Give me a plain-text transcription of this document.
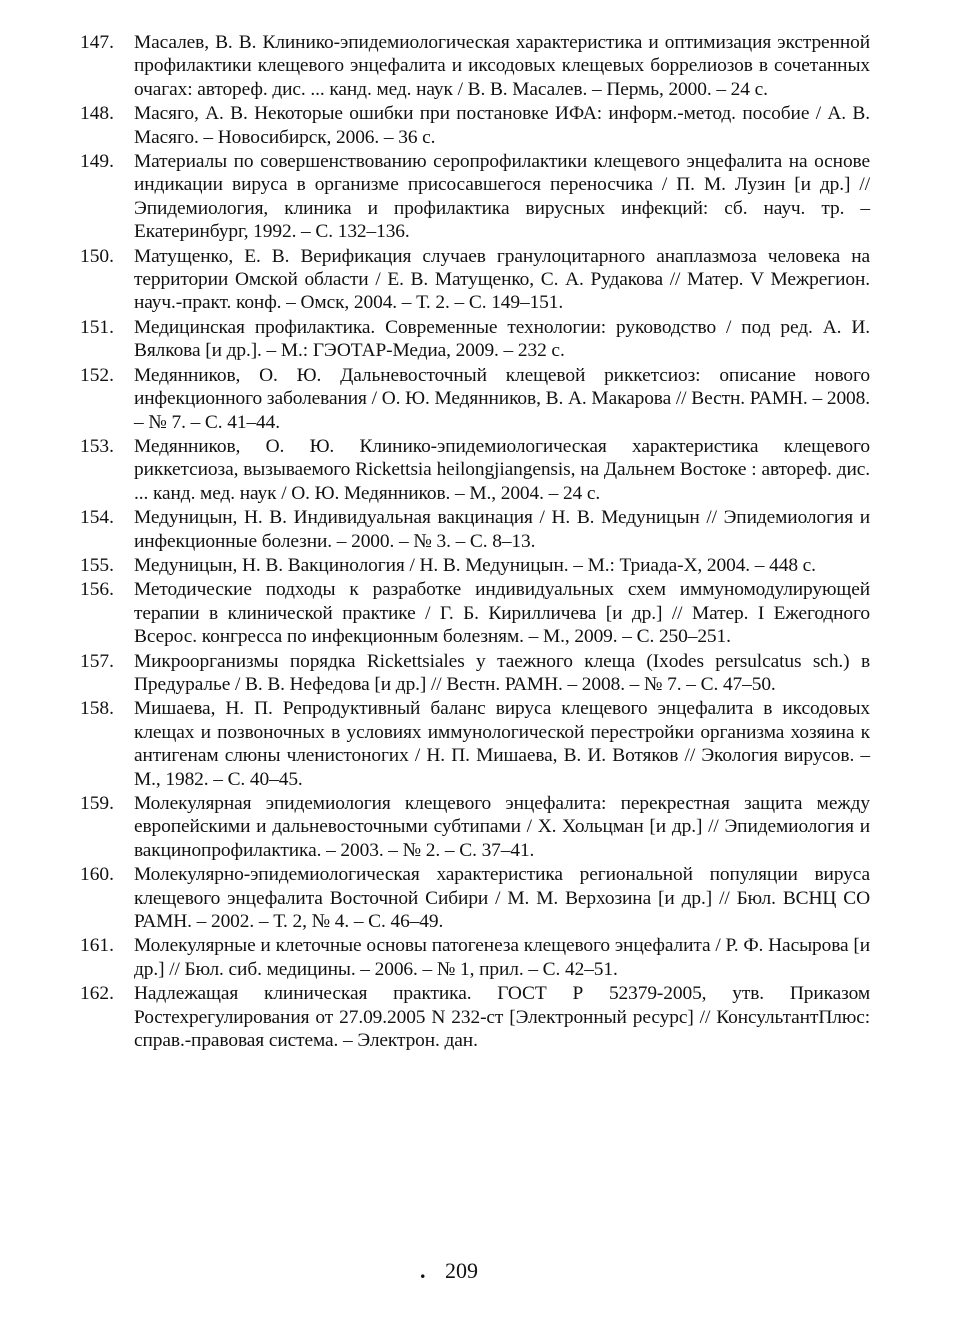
147.	Масалев, В. В. Клинико-эпидемиологическая характеристика и оптимизация экстренной профилактики клещевого энцефалита и иксодовых клещевых боррелиозов в сочетанных очагах: автореф. дис. ... канд. мед. наук / В. В. Масалев. – Пермь, 2000. – 24 с.
148.	Масяго, А. В. Некоторые ошибки при постановке ИФА: информ.-метод. пособие / А. В. Масяго. – Новосибирск, 2006. – 36 с.
149.	Материалы по совершенствованию серопрофилактики клещевого энцефалита на основе индикации вируса в организме присосавшегося переносчика / П. М. Лузин [и др.] // Эпидемиология, клиника и профилактика вирусных инфекций: сб. науч. тр. – Екатеринбург, 1992. – С. 132–136.
150.	Матущенко, Е. В. Верификация случаев гранулоцитарного анаплазмоза человека на территории Омской области / Е. В. Матущенко, С. А. Рудакова // Матер. V Межрегион. науч.-практ. конф. – Омск, 2004. – Т. 2. – С. 149–151.
151.	Медицинская профилактика. Современные технологии: руководство / под ред. А. И. Вялкова [и др.]. – М.: ГЭОТАР-Медиа, 2009. – 232 с.
152.	Медянников, О. Ю. Дальневосточный клещевой риккетсиоз: описание нового инфекционного заболевания / О. Ю. Медянников, В. А. Макарова // Вестн. РАМН. – 2008. – № 7. – С. 41–44.
153.	Медянников, О. Ю. Клинико-эпидемиологическая характеристика клещевого риккетсиоза, вызываемого Rickettsia heilongjiangensis, на Дальнем Востоке : автореф. дис. ... канд. мед. наук / О. Ю. Медянников. – М., 2004. – 24 с.
154.	Медуницын, Н. В. Индивидуальная вакцинация / Н. В. Медуницын // Эпидемиология и инфекционные болезни. – 2000. – № 3. – С. 8–13.
155.	Медуницын, Н. В. Вакцинология / Н. В. Медуницын. – М.: Триада-Х, 2004. – 448 с.
156.	Методические подходы к разработке индивидуальных схем иммуномодулирующей терапии в клинической практике / Г. Б. Кирилличева [и др.] // Матер. I Ежегодного Всерос. конгресса по инфекционным болезням. – М., 2009. – С. 250–251.
157.	Микроорганизмы порядка Rickettsiales у таежного клеща (Ixodes persulcatus sch.) в Предуралье / В. В. Нефедова [и др.] // Вестн. РАМН. – 2008. – № 7. – С. 47–50.
158.	Мишаева, Н. П. Репродуктивный баланс вируса клещевого энцефалита в иксодовых клещах и позвоночных в условиях иммунологической перестройки организма хозяина к антигенам слюны членистоногих / Н. П. Мишаева, В. И. Вотяков // Экология вирусов. – М., 1982. – С. 40–45.
159.	Молекулярная эпидемиология клещевого энцефалита: перекрестная защита между европейскими и дальневосточными субтипами / Х. Хольцман [и др.] // Эпидемиология и вакцинопрофилактика. – 2003. – № 2. – С. 37–41.
160.	Молекулярно-эпидемиологическая характеристика региональной популяции вируса клещевого энцефалита Восточной Сибири / М. М. Верхозина [и др.] // Бюл. ВСНЦ СО РАМН. – 2002. – Т. 2, № 4. – С. 46–49.
161.	Молекулярные и клеточные основы патогенеза клещевого энцефалита / Р. Ф. Насырова [и др.] // Бюл. сиб. медицины. – 2006. – № 1, прил. – С. 42–51.
162.	Надлежащая клиническая практика. ГОСТ Р 52379-2005, утв. Приказом Ростехрегулирования от 27.09.2005 N 232-ст [Электронный ресурс] // КонсультантПлюс: справ.-правовая система. – Электрон. дан.
. 209
